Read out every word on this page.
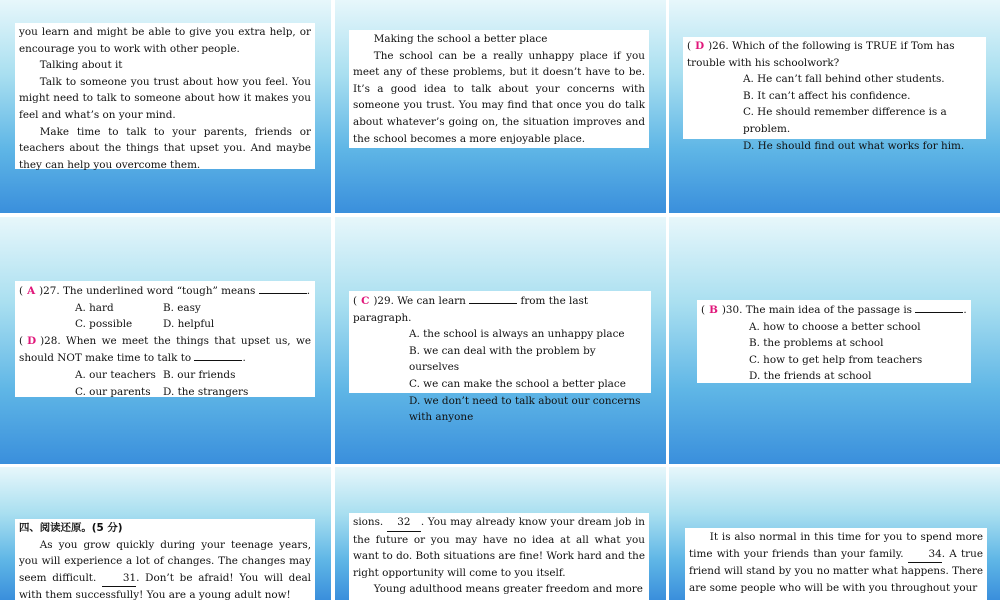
you learn and might be able to give you extra help, or encourage you to work with other people.
Talking about it
Talk to someone you trust about how you feel. You might need to talk to someone about how it makes you feel and what’s on your mind.
Make time to talk to your parents, friends or teachers about the things that upset you. And maybe they can help you overcome them.
Making the school a better place
The school can be a really unhappy place if you meet any of these problems, but it doesn’t have to be. It’s a good idea to talk about your concerns with someone you trust. You may find that once you do talk about whatever’s going on, the situation improves and the school becomes a more enjoyable place.
( D )26. Which of the following is TRUE if Tom has trouble with his schoolwork?
A. He can’t fall behind other students.
B. It can’t affect his confidence.
C. He should remember difference is a problem.
D. He should find out what works for him.
( A )27. The underlined word “tough” means	.
A. hard	B. easy
C. possible	D. helpful
( D )28. When we meet the things that upset us, we should NOT make time to talk to	.
A. our teachers B. our friends
C. our parents D. the strangers
( C )29. We can learn	from the last paragraph.
A. the school is always an unhappy place
B. we can deal with the problem by ourselves
C. we can make the school a better place
D. we don’t need to talk about our concerns with anyone
( B )30. The main idea of the passage is	.
A. how to choose a better school
B. the problems at school
C. how to get help from teachers
D. the friends at school
四、阅读还原。(5 分)
As you grow quickly during your teenage years, you will experience a lot of changes. The changes may seem difficult.	31. Don’t be afraid! You will deal with them successfully! You are a young adult now!
sions. 32 . You may already know your dream job in the future or you may have no idea at all what you want to do. Both situations are fine! Work hard and the right opportunity will come to you itself.
Young adulthood means greater freedom and more
It is also normal in this time for you to spend more time with your friends than your family. 34. A true friend will stand by you no matter what happens. There are some people who will be with you throughout your
